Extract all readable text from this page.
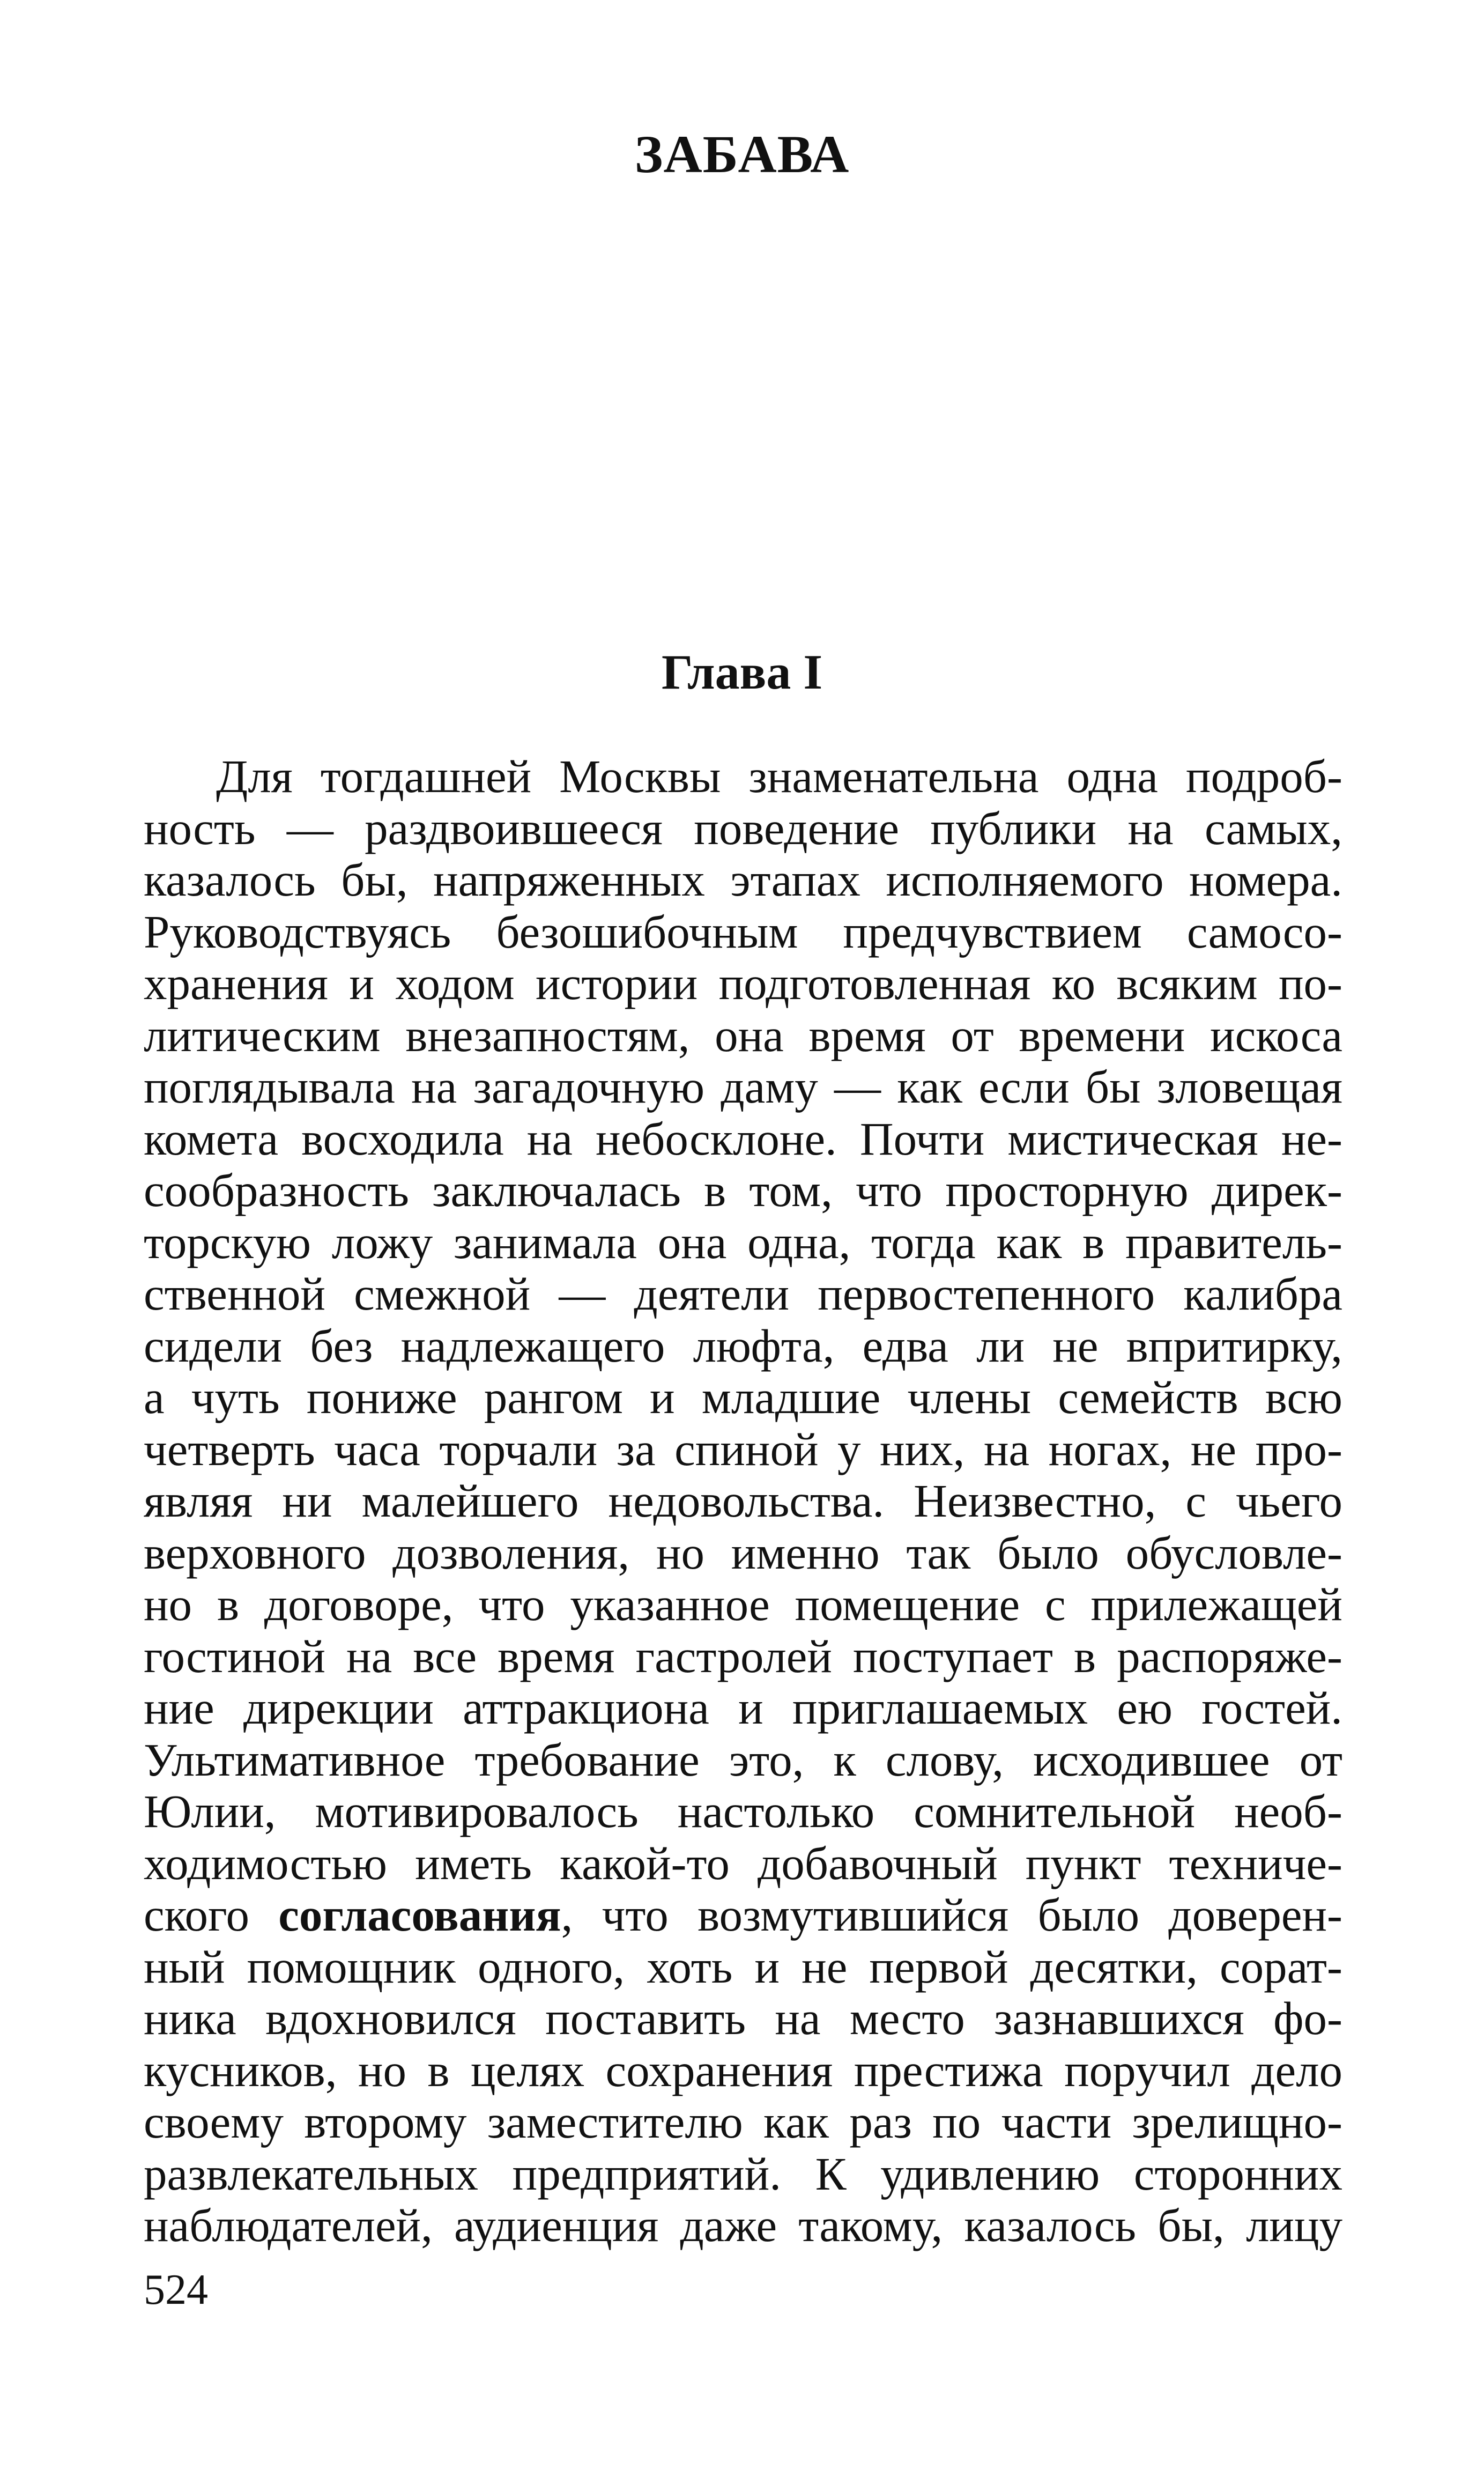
ЗАБАВА
Глава I
Для тогдашней Москвы знаменательна одна подроб-
ность — раздвоившееся поведение публики на самых,
казалось бы, напряженных этапах исполняемого номера.
Руководствуясь безошибочным предчувствием самосо-
хранения и ходом истории подготовленная ко всяким по-
литическим внезапностям, она время от времени искоса
поглядывала на загадочную даму — как если бы зловещая
комета восходила на небосклоне. Почти мистическая не-
сообразность заключалась в том, что просторную дирек-
торскую ложу занимала она одна, тогда как в правитель-
ственной смежной — деятели первостепенного калибра
сидели без надлежащего люфта, едва ли не впритирку,
а чуть пониже рангом и младшие члены семейств всю
четверть часа торчали за спиной у них, на ногах, не про-
являя ни малейшего недовольства. Неизвестно, с чьего
верховного дозволения, но именно так было обусловле-
но в договоре, что указанное помещение с прилежащей
гостиной на все время гастролей поступает в распоряже-
ние дирекции аттракциона и приглашаемых ею гостей.
Ультимативное требование это, к слову, исходившее от
Юлии, мотивировалось настолько сомнительной необ-
ходимостью иметь какой-то добавочный пункт техниче-
ского согласования, что возмутившийся было доверен-
ный помощник одного, хоть и не первой десятки, сорат-
ника вдохновился поставить на место зазнавшихся фо-
кусников, но в целях сохранения престижа поручил дело
своему второму заместителю как раз по части зрелищно-
развлекательных предприятий. К удивлению сторонних
наблюдателей, аудиенция даже такому, казалось бы, лицу
524
